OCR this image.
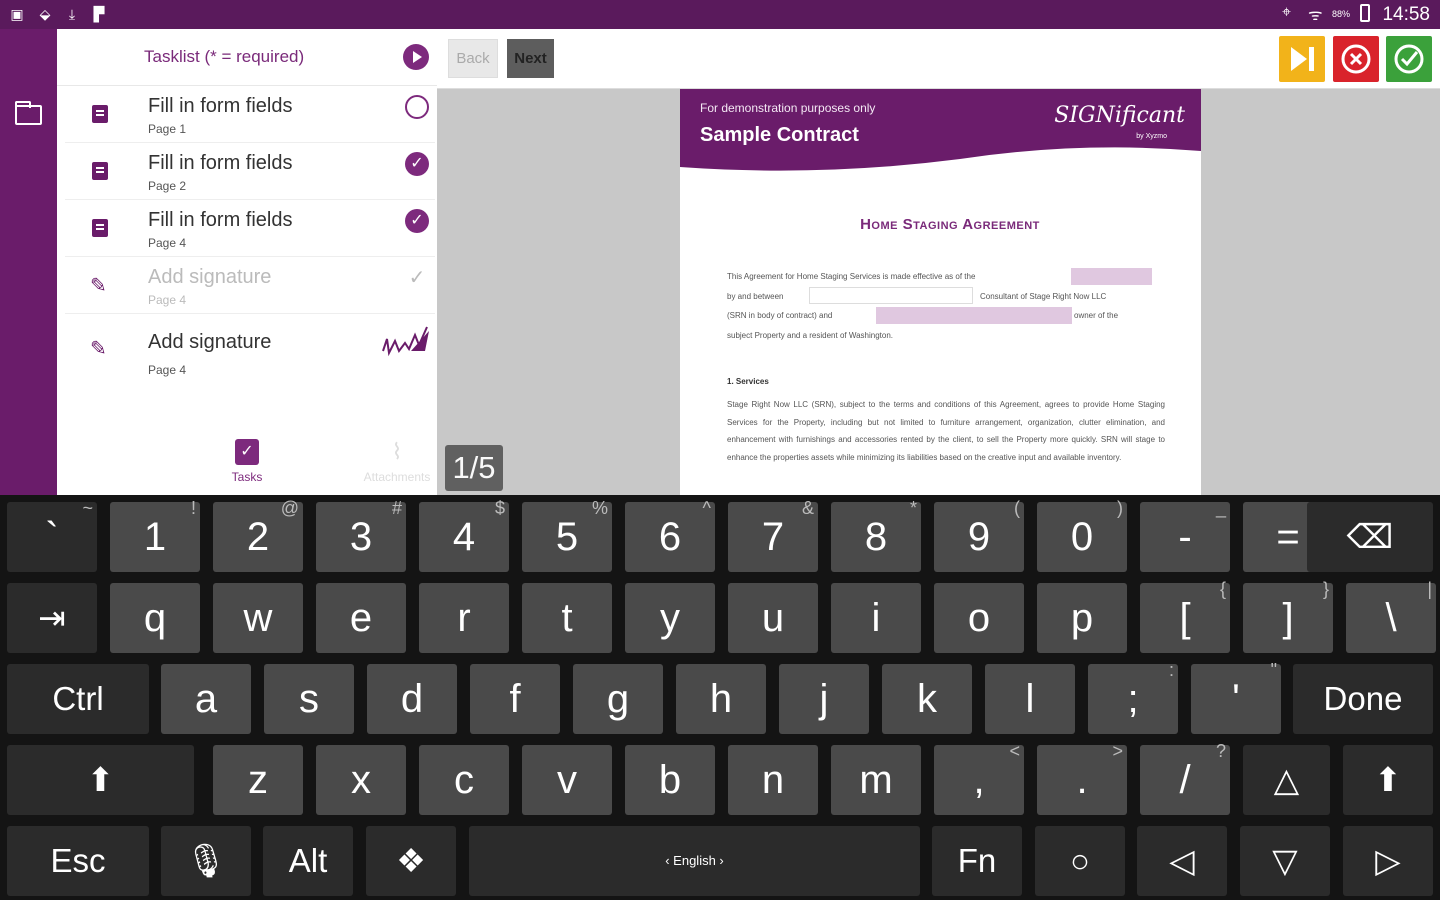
▣ ⬙	⤓	▛	⌖ ᯤ 88% 14:58
Tasklist (* = required)
Fill in form fields
Page 1
Fill in form fields
Page 2
✓
Fill in form fields
Page 4
✓
✎ Add signature
Page 4
✓
✎ Add signature
Page 4
✓
Tasks
⌇
Attachments
Back	Next
For demonstration purposes only
Sample Contract
SIGNificant
by Xyzmo
Home Staging Agreement
This Agreement for Home Staging Services is made effective as of the
by and between	Consultant of Stage Right Now LLC
(SRN in body of contract) and	owner of the
subject Property and a resident of Washington.
1. Services
Stage Right Now LLC (SRN), subject to the terms and conditions of this Agreement, agrees to provide Home Staging Services for the Property, including but not limited to furniture arrangement, organization, clutter elimination, and enhancement with furnishings and accessories rented by the client, to sell the Property more quickly. SRN will stage to enhance the properties assets while minimizing its liabilities based on the creative input and available inventory.
1/5
`
~
1
!
2
@
3
#
4
$
5
%
6
^
7
&
8
*
9
(
0
)
-
_
=	⌫
⇥	q	w	e	r	t	y	u	i	o	p	[
{
]
}
\
|
Ctrl	a	s	d	f	g	h	j	k	l	;
:
'
"
Done
⬆	z	x	c	v	b	n	m	,
<
.
>
/
?
△	⬆
Esc	🎙	Alt	❖	‹ English ›	Fn	○	◁	▽	▷
